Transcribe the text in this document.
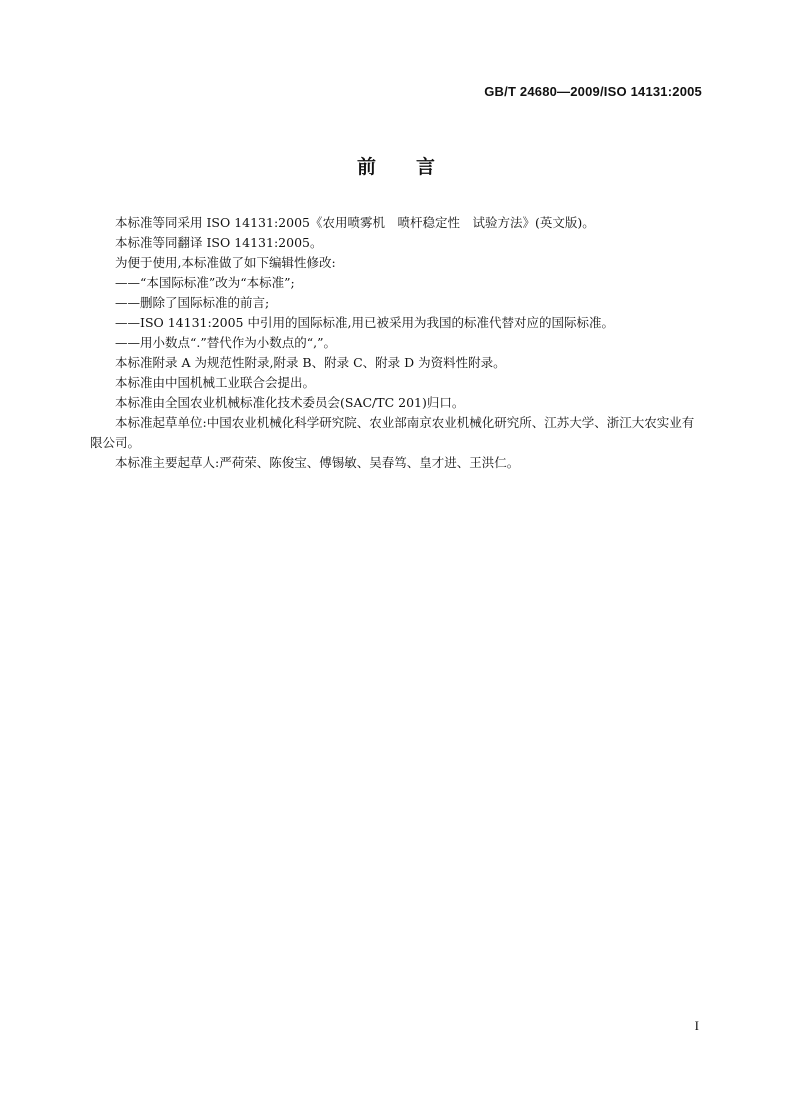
GB/T 24680—2009/ISO 14131:2005
前 言

本标准等同采用 ISO 14131:2005《农用喷雾机　喷杆稳定性　试验方法》(英文版)。

本标准等同翻译 ISO 14131:2005。

为便于使用,本标准做了如下编辑性修改:

——“本国际标准”改为“本标准”;

——删除了国际标准的前言;

——ISO 14131:2005 中引用的国际标准,用已被采用为我国的标准代替对应的国际标准。

——用小数点“.”替代作为小数点的“,”。

本标准附录 A 为规范性附录,附录 B、附录 C、附录 D 为资料性附录。

本标准由中国机械工业联合会提出。

本标准由全国农业机械标准化技术委员会(SAC/TC 201)归口。

本标准起草单位:中国农业机械化科学研究院、农业部南京农业机械化研究所、江苏大学、浙江大农实业有限公司。

本标准主要起草人:严荷荣、陈俊宝、傅锡敏、吴春笃、皇才进、王洪仁。

I
